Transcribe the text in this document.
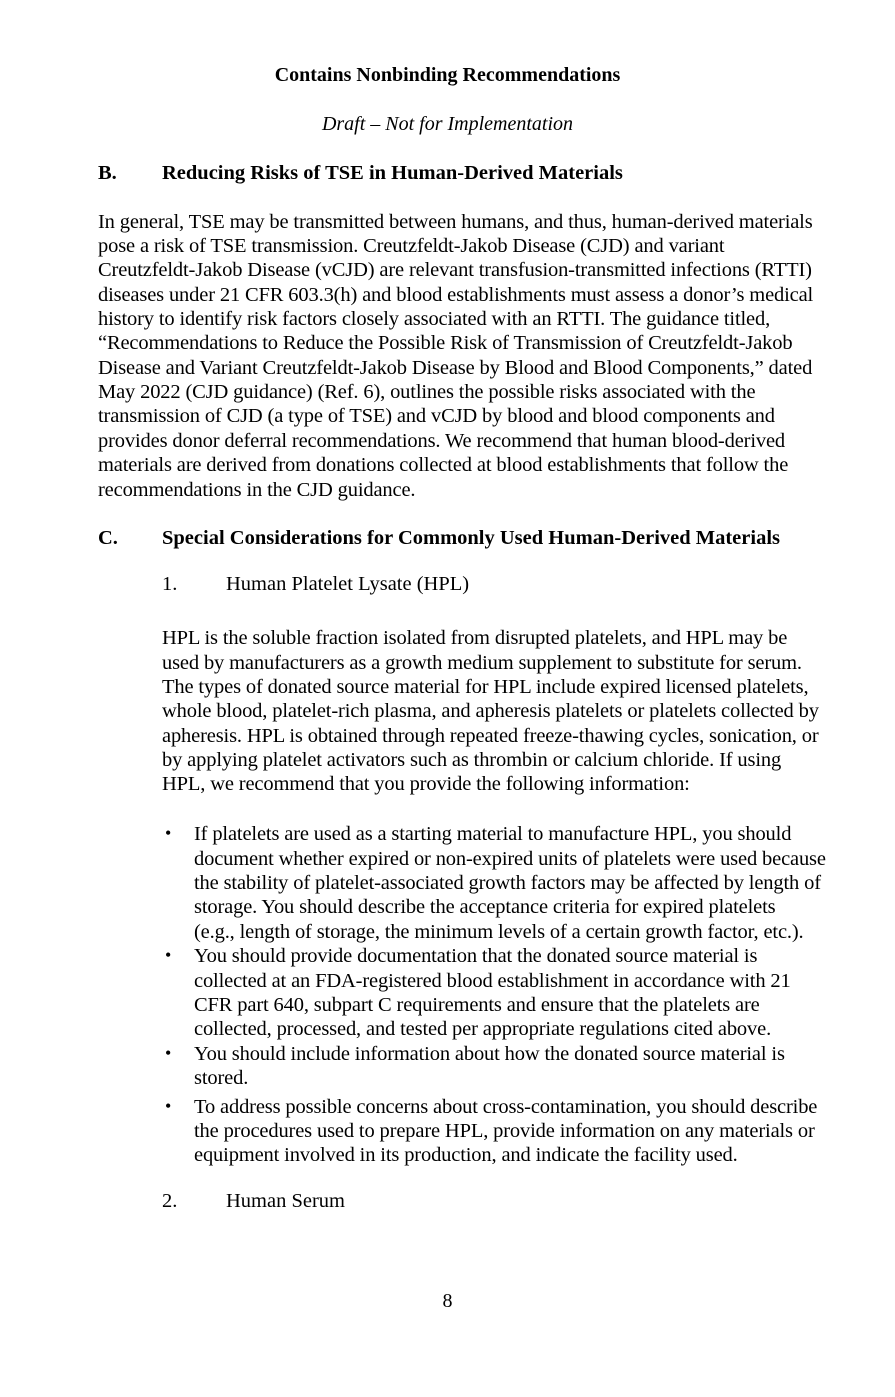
Contains Nonbinding Recommendations
Draft – Not for Implementation
B. Reducing Risks of TSE in Human-Derived Materials
In general, TSE may be transmitted between humans, and thus, human-derived materials
pose a risk of TSE transmission. Creutzfeldt-Jakob Disease (CJD) and variant
Creutzfeldt-Jakob Disease (vCJD) are relevant transfusion-transmitted infections (RTTI)
diseases under 21 CFR 603.3(h) and blood establishments must assess a donor’s medical
history to identify risk factors closely associated with an RTTI. The guidance titled,
“Recommendations to Reduce the Possible Risk of Transmission of Creutzfeldt-Jakob
Disease and Variant Creutzfeldt-Jakob Disease by Blood and Blood Components,” dated
May 2022 (CJD guidance) (Ref. 6), outlines the possible risks associated with the
transmission of CJD (a type of TSE) and vCJD by blood and blood components and
provides donor deferral recommendations. We recommend that human blood-derived
materials are derived from donations collected at blood establishments that follow the
recommendations in the CJD guidance.
C. Special Considerations for Commonly Used Human-Derived Materials
1. Human Platelet Lysate (HPL)
HPL is the soluble fraction isolated from disrupted platelets, and HPL may be
used by manufacturers as a growth medium supplement to substitute for serum.
The types of donated source material for HPL include expired licensed platelets,
whole blood, platelet-rich plasma, and apheresis platelets or platelets collected by
apheresis. HPL is obtained through repeated freeze-thawing cycles, sonication, or
by applying platelet activators such as thrombin or calcium chloride. If using
HPL, we recommend that you provide the following information:
• If platelets are used as a starting material to manufacture HPL, you should
document whether expired or non-expired units of platelets were used because
the stability of platelet-associated growth factors may be affected by length of
storage. You should describe the acceptance criteria for expired platelets
(e.g., length of storage, the minimum levels of a certain growth factor, etc.).
• You should provide documentation that the donated source material is
collected at an FDA-registered blood establishment in accordance with 21
CFR part 640, subpart C requirements and ensure that the platelets are
collected, processed, and tested per appropriate regulations cited above.
• You should include information about how the donated source material is
stored.
• To address possible concerns about cross-contamination, you should describe
the procedures used to prepare HPL, provide information on any materials or
equipment involved in its production, and indicate the facility used.
2. Human Serum
8
